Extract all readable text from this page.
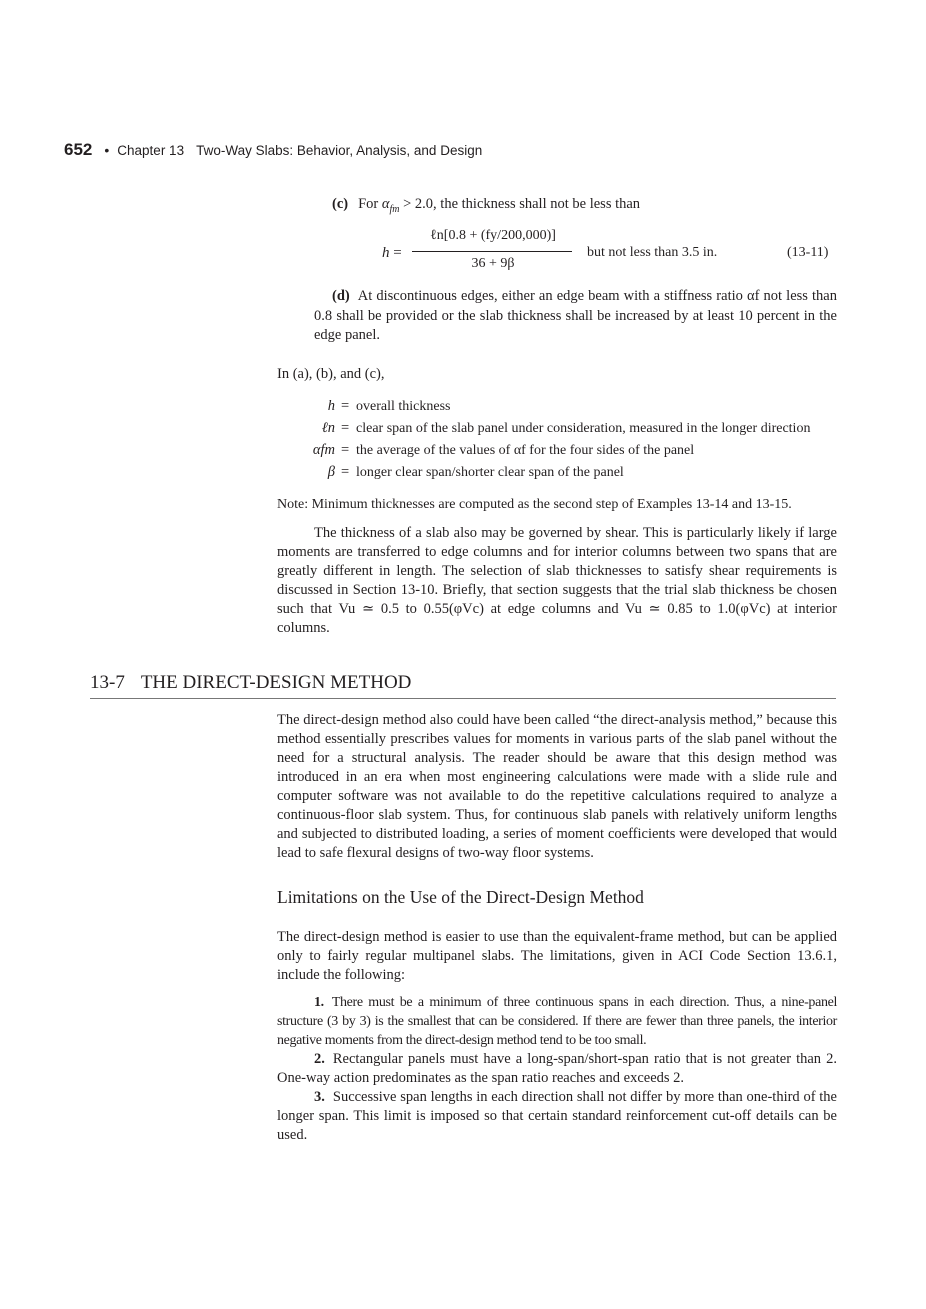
652 • Chapter 13 Two-Way Slabs: Behavior, Analysis, and Design
(c) For $\alpha_{fm} > 2.0$, the thickness shall not be less than
h =
ℓn[0.8 + (fy/200,000)]
36 + 9β
but not less than 3.5 in.	(13-11)
(d) At discontinuous edges, either an edge beam with a stiffness ratio αf not less than 0.8 shall be provided or the slab thickness shall be increased by at least 10 percent in the edge panel.
In (a), (b), and (c),
h = overall thickness
ℓn = clear span of the slab panel under consideration, measured in the longer direction
αfm = the average of the values of αf for the four sides of the panel
β = longer clear span/shorter clear span of the panel
Note: Minimum thicknesses are computed as the second step of Examples 13-14 and 13-15.
The thickness of a slab also may be governed by shear. This is particularly likely if large moments are transferred to edge columns and for interior columns between two spans that are greatly different in length. The selection of slab thicknesses to satisfy shear requirements is discussed in Section 13-10. Briefly, that section suggests that the trial slab thickness be chosen such that Vu ≃ 0.5 to 0.55(φVc) at edge columns and Vu ≃ 0.85 to 1.0(φVc) at interior columns.
13-7 THE DIRECT-DESIGN METHOD
The direct-design method also could have been called “the direct-analysis method,” because this method essentially prescribes values for moments in various parts of the slab panel without the need for a structural analysis. The reader should be aware that this design method was introduced in an era when most engineering calculations were made with a slide rule and computer software was not available to do the repetitive calculations required to analyze a continuous-floor slab system. Thus, for continuous slab panels with relatively uniform lengths and subjected to distributed loading, a series of moment coefficients were developed that would lead to safe flexural designs of two-way floor systems.
Limitations on the Use of the Direct-Design Method
The direct-design method is easier to use than the equivalent-frame method, but can be applied only to fairly regular multipanel slabs. The limitations, given in ACI Code Section 13.6.1, include the following:

1. There must be a minimum of three continuous spans in each direction. Thus, a nine-panel structure (3 by 3) is the smallest that can be considered. If there are fewer than three panels, the interior negative moments from the direct-design method tend to be too small.

2. Rectangular panels must have a long-span/short-span ratio that is not greater than 2. One-way action predominates as the span ratio reaches and exceeds 2.

3. Successive span lengths in each direction shall not differ by more than one-third of the longer span. This limit is imposed so that certain standard reinforcement cut-off details can be used.
